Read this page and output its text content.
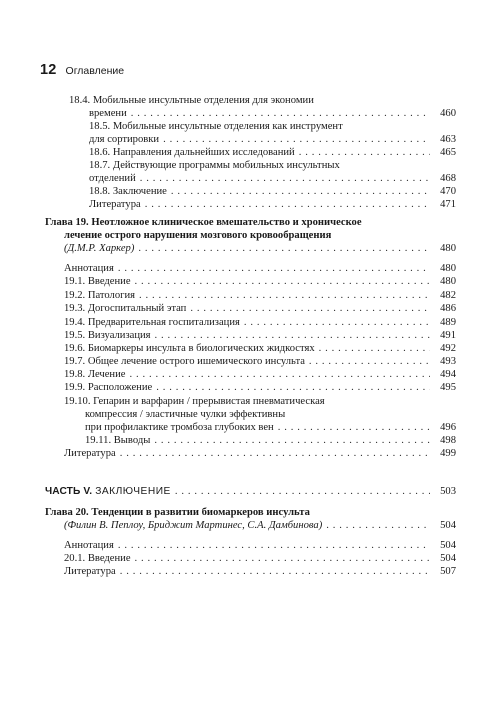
12 Оглавление
18.4. Мобильные инсультные отделения для экономии
времени . . .	460
18.5. Мобильные инсультные отделения как инструмент
для сортировки . . .	463
18.6. Направления дальнейших исследований . . .	465
18.7. Действующие программы мобильных инсультных
отделений . . .	468
18.8. Заключение . . .	470
Литература . . .	471
Глава 19. Неотложное клиническое вмешательство и хроническое
лечение острого нарушения мозгового кровообращения
(Д.М.Р. Харкер) . . .	480
Аннотация . . .	480
19.1. Введение . . .	480
19.2. Патология . . .	482
19.3. Догоспитальный этап . . .	486
19.4. Предварительная госпитализация . . .	489
19.5. Визуализация . . .	491
19.6. Биомаркеры инсульта в биологических жидкостях . . .	492
19.7. Общее лечение острого ишемического инсульта . . .	493
19.8. Лечение . . .	494
19.9. Расположение . . .	495
19.10. Гепарин и варфарин / прерывистая пневматическая
компрессия / эластичные чулки эффективны
при профилактике тромбоза глубоких вен . . .	496
19.11. Выводы . . .	498
Литература . . .	499
ЧАСТЬ V. ЗАКЛЮЧЕНИЕ . . .	503
Глава 20. Тенденции в развитии биомаркеров инсульта
(Филин В. Пеплоу, Бриджит Мартинес, С.А. Дамбинова) . . .	504
Аннотация . . .	504
20.1. Введение . . .	504
Литература . . .	507
